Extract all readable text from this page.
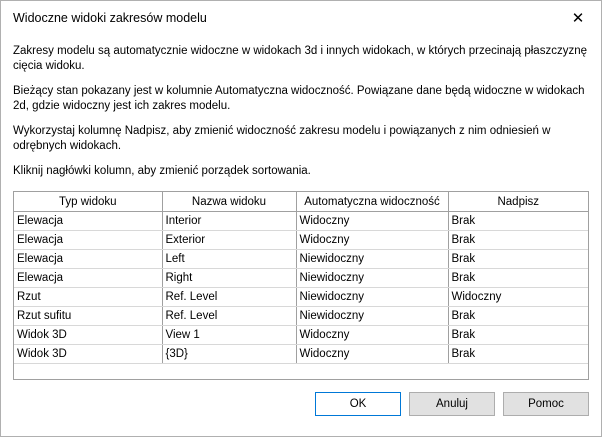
Widoczne widoki zakresów modelu	✕

Zakresy modelu są automatycznie widoczne w widokach 3d i innych widokach, w których przecinają płaszczyznę cięcia widoku.

Bieżący stan pokazany jest w kolumnie Automatyczna widoczność. Powiązane dane będą widoczne w widokach 2d, gdzie widoczny jest ich zakres modelu.

Wykorzystaj kolumnę Nadpisz, aby zmienić widoczność zakresu modelu i powiązanych z nim odniesień w odrębnych widokach.

Kliknij nagłówki kolumn, aby zmienić porządek sortowania.

Typ widoku	Nazwa widoku	Automatyczna widoczność	Nadpisz
Elewacja	Interior	Widoczny	Brak
Elewacja	Exterior	Widoczny	Brak
Elewacja	Left	Niewidoczny	Brak
Elewacja	Right	Niewidoczny	Brak
Rzut	Ref. Level	Niewidoczny	Widoczny
Rzut sufitu	Ref. Level	Niewidoczny	Brak
Widok 3D	View 1	Widoczny	Brak
Widok 3D	{3D}	Widoczny	Brak
OK	Anuluj	Pomoc
